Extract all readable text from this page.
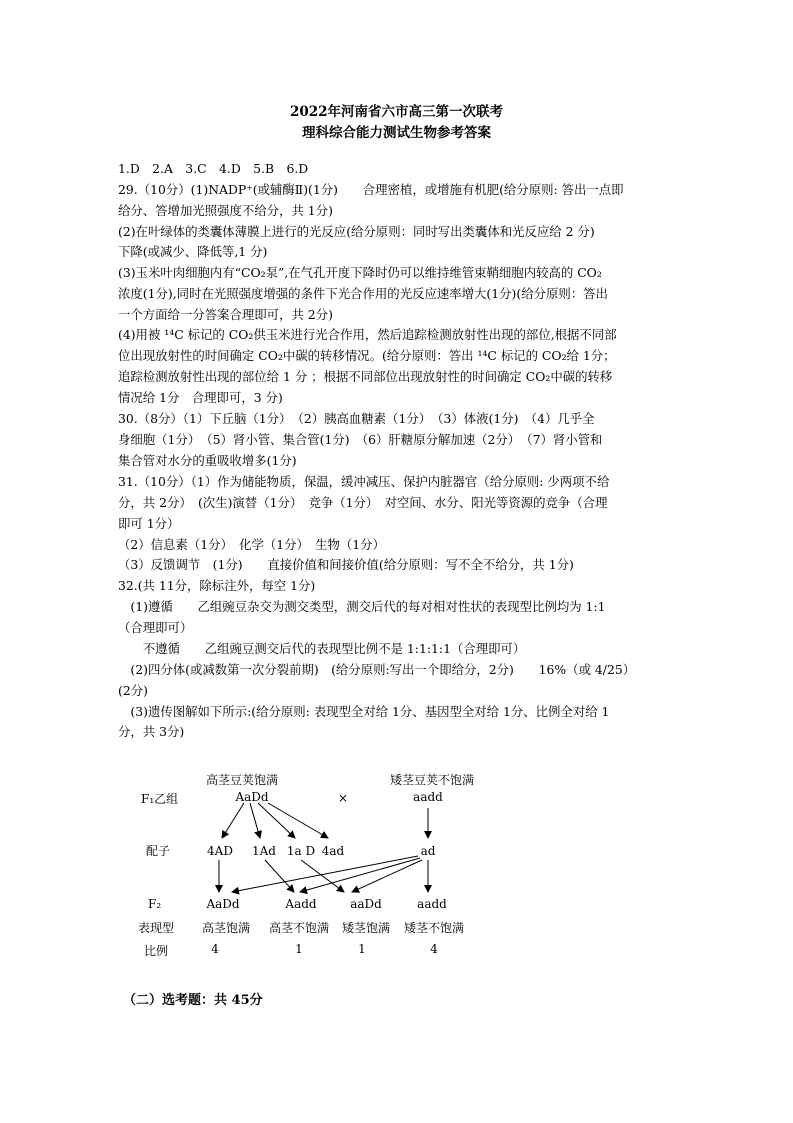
2022年河南省六市高三第一次联考
理科综合能力测试生物参考答案
1.D　2.A　3.C　4.D　5.B　6.D
29.（10分）(1)NADP⁺(或辅酶Ⅱ)(1分)　　合理密植，或增施有机肥(给分原则: 答出一点即
给分、答增加光照强度不给分，共 1分)
(2)在叶绿体的类囊体薄膜上进行的光反应(给分原则：同时写出类囊体和光反应给 2 分)
下降(或减少、降低等,1 分)
(3)玉米叶肉细胞内有“CO₂泵”,在气孔开度下降时仍可以维持维管束鞘细胞内较高的 CO₂
浓度(1分),同时在光照强度增强的条件下光合作用的光反应速率增大(1分)(给分原则：答出
一个方面给一分答案合理即可，共 2分)
(4)用被 ¹⁴C 标记的 CO₂供玉米进行光合作用，然后追踪检测放射性出现的部位,根据不同部
位出现放射性的时间确定 CO₂中碳的转移情况。(给分原则：答出 ¹⁴C 标记的 CO₂给 1分；
追踪检测放射性出现的部位给 1 分 ；根据不同部位出现放射性的时间确定 CO₂中碳的转移
情况给 1分　合理即可，3 分)
30.（8分）（1）下丘脑（1分）　（2）胰高血糖素（1分）　（3）体液(1分)　（4）几乎全
身细胞（1分）　（5）肾小管、集合管(1分)　（6）肝糖原分解加速（2分）　（7）肾小管和
集合管对水分的重吸收增多(1分)
31.（10分）（1）作为储能物质，保温，缓冲减压、保护内脏器官（给分原则: 少两项不给
分，共 2分）　(次生)演替（1分）　竞争（1分）　对空间、水分、阳光等资源的竞争（合理
即可 1分）
（2）信息素（1分）　化学（1分）　生物（1分）
（3）反馈调节　(1分)　　直接价值和间接价值(给分原则：写不全不给分，共 1分)
32.(共 11分，除标注外，每空 1分)
　(1)遵循　　乙组豌豆杂交为测交类型，测交后代的每对相对性状的表现型比例均为 1:1
（合理即可）
　　不遵循　　乙组豌豆测交后代的表现型比例不是 1:1:1:1（合理即可）
　(2)四分体(或减数第一次分裂前期)　(给分原则:写出一个即给分，2分)　　16%（或 4/25）
(2分)
　(3)遗传图解如下所示:(给分原则: 表现型全对给 1分、基因型全对给 1分、比例全对给 1
分，共 3分)
高茎豆荚饱满	矮茎豆荚不饱满
F₁乙组	AaDd	×	aadd
配子	4AD 1Ad 1a D 4ad	ad
F₂	AaDd	Aadd	aaDd	aadd
表现型 高茎饱满 高茎不饱满 矮茎饱满 矮茎不饱满
比例	4	1	1	4
（二）选考题：共 45分
